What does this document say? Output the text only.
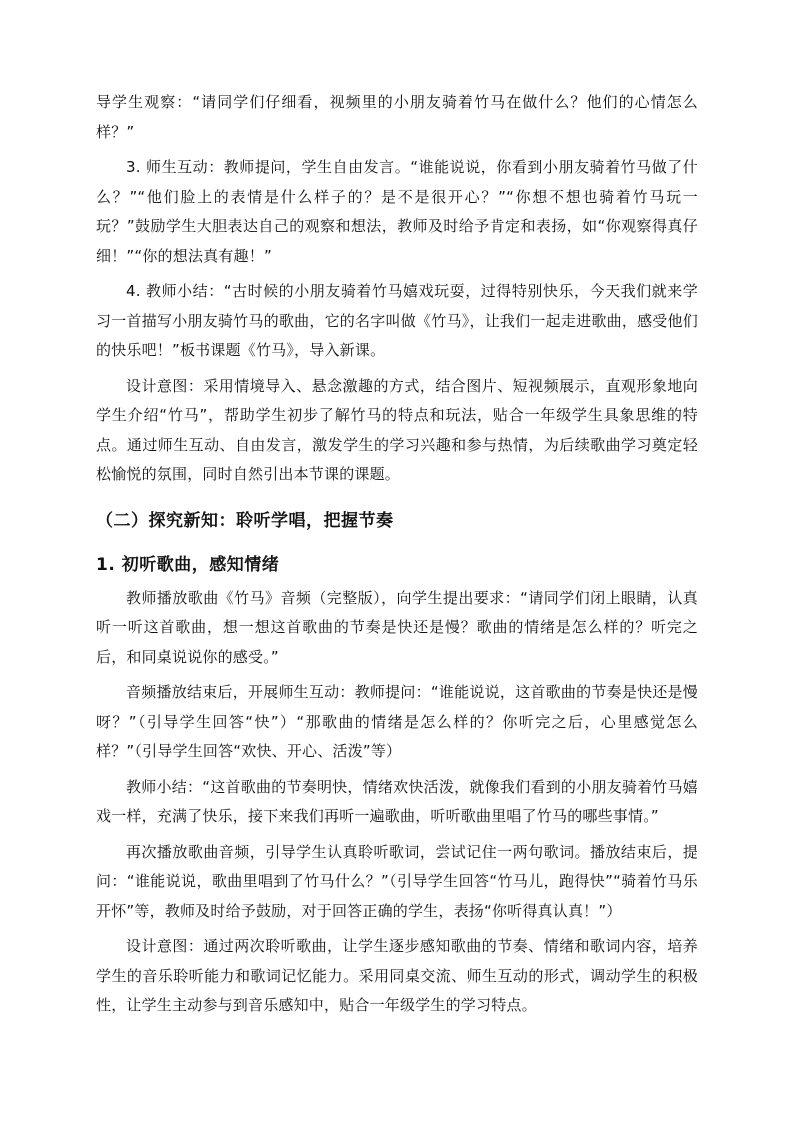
导学生观察：“请同学们仔细看，视频里的小朋友骑着竹马在做什么？他们的心情怎么样？”

3. 师生互动：教师提问，学生自由发言。“谁能说说，你看到小朋友骑着竹马做了什么？”“他们脸上的表情是什么样子的？是不是很开心？”“你想不想也骑着竹马玩一玩？”鼓励学生大胆表达自己的观察和想法，教师及时给予肯定和表扬，如“你观察得真仔细！”“你的想法真有趣！”

4. 教师小结：“古时候的小朋友骑着竹马嬉戏玩耍，过得特别快乐，今天我们就来学习一首描写小朋友骑竹马的歌曲，它的名字叫做《竹马》，让我们一起走进歌曲，感受他们的快乐吧！”板书课题《竹马》，导入新课。

设计意图：采用情境导入、悬念激趣的方式，结合图片、短视频展示，直观形象地向学生介绍“竹马”，帮助学生初步了解竹马的特点和玩法，贴合一年级学生具象思维的特点。通过师生互动、自由发言，激发学生的学习兴趣和参与热情，为后续歌曲学习奠定轻松愉悦的氛围，同时自然引出本节课的课题。

（二）探究新知：聆听学唱，把握节奏
1. 初听歌曲，感知情绪

教师播放歌曲《竹马》音频（完整版），向学生提出要求：“请同学们闭上眼睛，认真听一听这首歌曲，想一想这首歌曲的节奏是快还是慢？歌曲的情绪是怎么样的？听完之后，和同桌说说你的感受。”

音频播放结束后，开展师生互动：教师提问：“谁能说说，这首歌曲的节奏是快还是慢呀？”（引导学生回答“快”）“那歌曲的情绪是怎么样的？你听完之后，心里感觉怎么样？”（引导学生回答“欢快、开心、活泼”等）

教师小结：“这首歌曲的节奏明快，情绪欢快活泼，就像我们看到的小朋友骑着竹马嬉戏一样，充满了快乐，接下来我们再听一遍歌曲，听听歌曲里唱了竹马的哪些事情。”

再次播放歌曲音频，引导学生认真聆听歌词，尝试记住一两句歌词。播放结束后，提问：“谁能说说，歌曲里唱到了竹马什么？”（引导学生回答“竹马儿，跑得快”“骑着竹马乐开怀”等，教师及时给予鼓励，对于回答正确的学生，表扬“你听得真认真！”）

设计意图：通过两次聆听歌曲，让学生逐步感知歌曲的节奏、情绪和歌词内容，培养学生的音乐聆听能力和歌词记忆能力。采用同桌交流、师生互动的形式，调动学生的积极性，让学生主动参与到音乐感知中，贴合一年级学生的学习特点。
